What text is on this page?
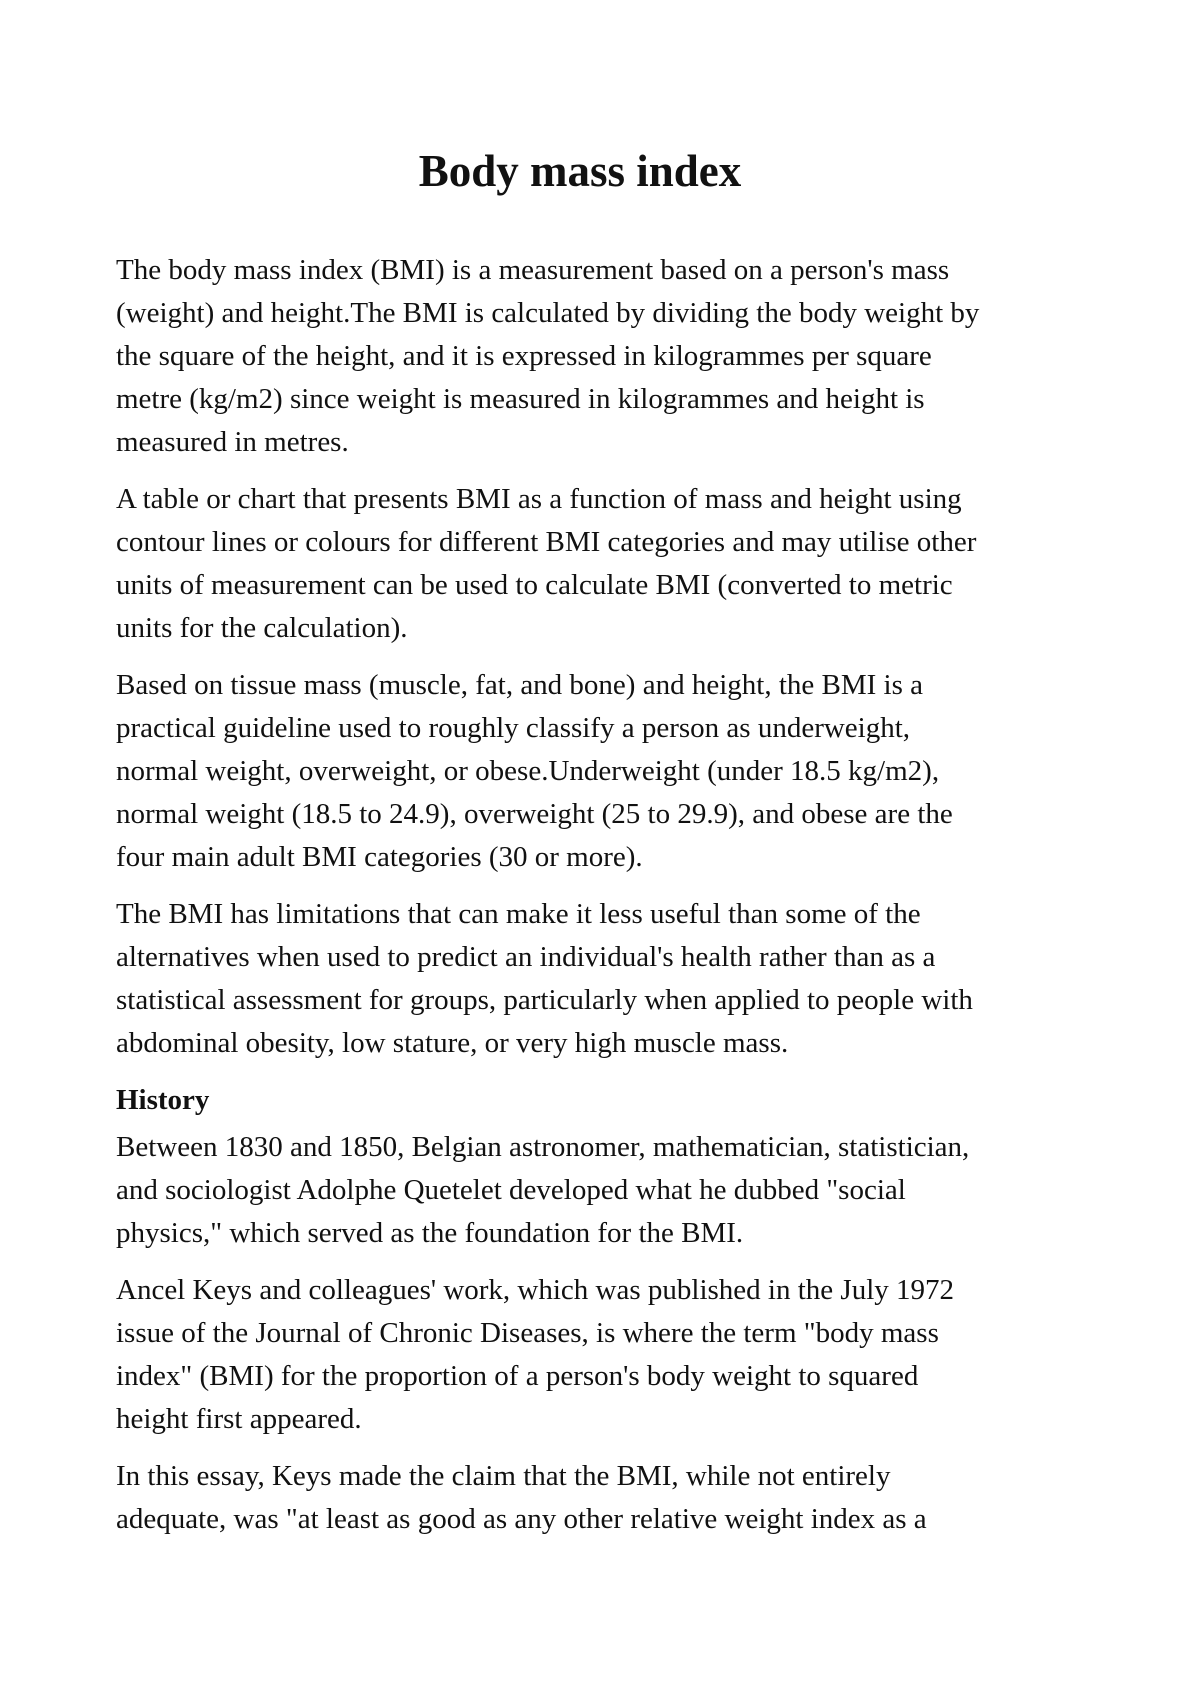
Body mass index

The body mass index (BMI) is a measurement based on a person's mass
(weight) and height.The BMI is calculated by dividing the body weight by
the square of the height, and it is expressed in kilogrammes per square
metre (kg/m2) since weight is measured in kilogrammes and height is
measured in metres.

A table or chart that presents BMI as a function of mass and height using
contour lines or colours for different BMI categories and may utilise other
units of measurement can be used to calculate BMI (converted to metric
units for the calculation).

Based on tissue mass (muscle, fat, and bone) and height, the BMI is a
practical guideline used to roughly classify a person as underweight,
normal weight, overweight, or obese.Underweight (under 18.5 kg/m2),
normal weight (18.5 to 24.9), overweight (25 to 29.9), and obese are the
four main adult BMI categories (30 or more).

The BMI has limitations that can make it less useful than some of the
alternatives when used to predict an individual's health rather than as a
statistical assessment for groups, particularly when applied to people with
abdominal obesity, low stature, or very high muscle mass.

History

Between 1830 and 1850, Belgian astronomer, mathematician, statistician,
and sociologist Adolphe Quetelet developed what he dubbed "social
physics," which served as the foundation for the BMI.

Ancel Keys and colleagues' work, which was published in the July 1972
issue of the Journal of Chronic Diseases, is where the term "body mass
index" (BMI) for the proportion of a person's body weight to squared
height first appeared.

In this essay, Keys made the claim that the BMI, while not entirely
adequate, was "at least as good as any other relative weight index as a
